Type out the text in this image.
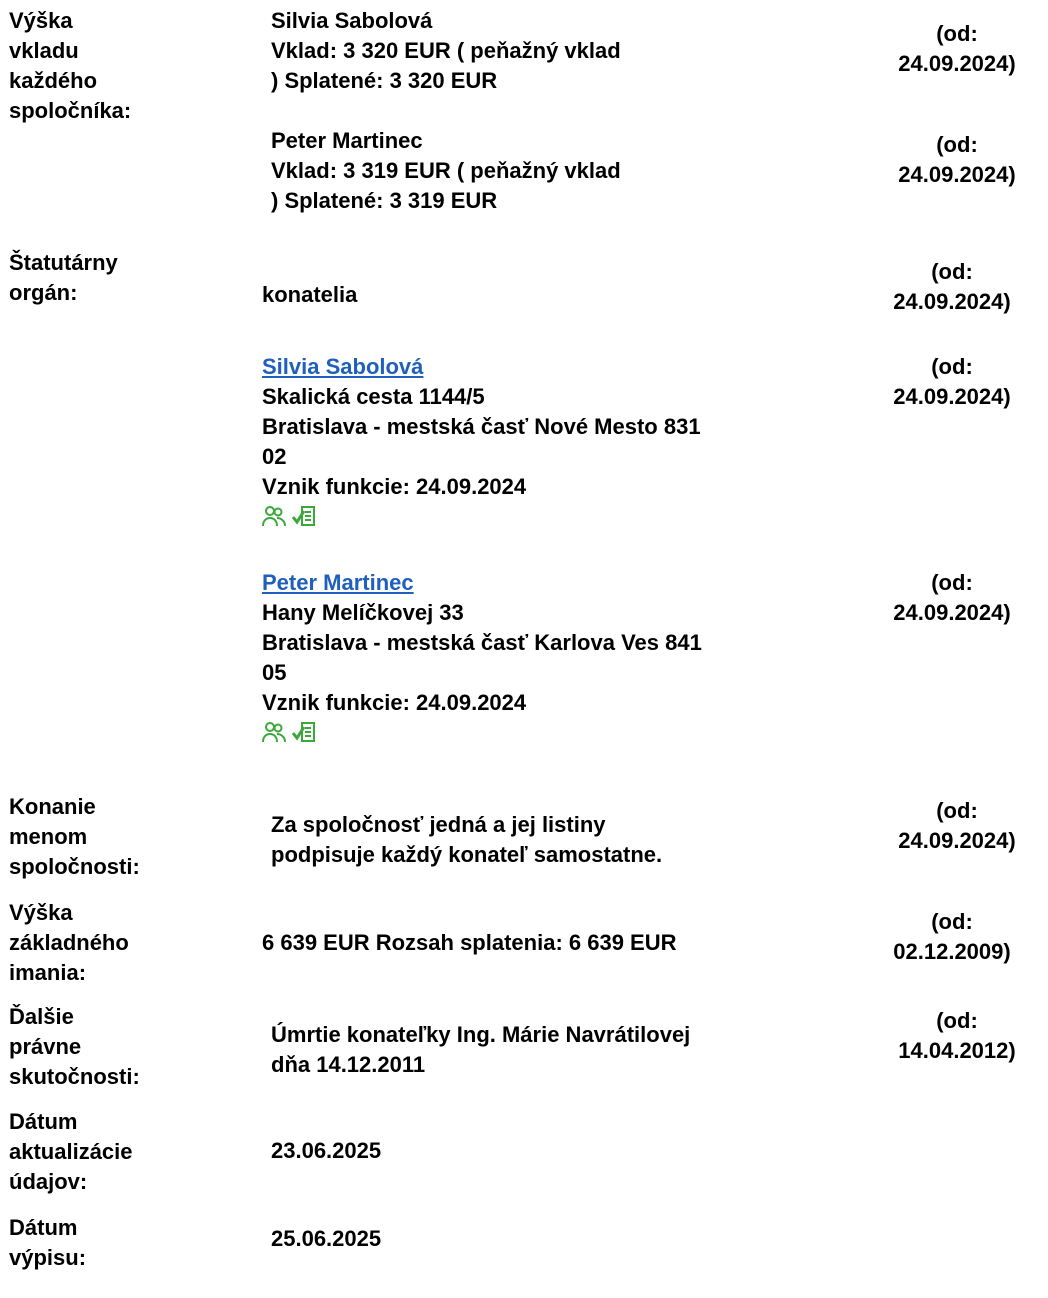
Výška
vkladu
každého
spoločníka:
Silvia Sabolová
Vklad: 3 320 EUR ( peňažný vklad
) Splatené: 3 320 EUR
(od:
24.09.2024)
Peter Martinec
Vklad: 3 319 EUR ( peňažný vklad
) Splatené: 3 319 EUR
(od:
24.09.2024)
Štatutárny
orgán:	konatelia
(od:
24.09.2024)
Silvia Sabolová
Skalická cesta 1144/5
Bratislava - mestská časť Nové Mesto 831
02
Vznik funkcie: 24.09.2024
(od:
24.09.2024)
Peter Martinec
Hany Melíčkovej 33
Bratislava - mestská časť Karlova Ves 841
05
Vznik funkcie: 24.09.2024
(od:
24.09.2024)
Konanie
menom
spoločnosti:
Za spoločnosť jedná a jej listiny
podpisuje každý konateľ samostatne.
(od:
24.09.2024)
Výška
základného
imania:
6 639 EUR Rozsah splatenia: 6 639 EUR
(od:
02.12.2009)
Ďalšie
právne
skutočnosti:
Úmrtie konateľky Ing. Márie Navrátilovej
dňa 14.12.2011
(od:
14.04.2012)
Dátum
aktualizácie
údajov:
23.06.2025
Dátum
výpisu:
25.06.2025
